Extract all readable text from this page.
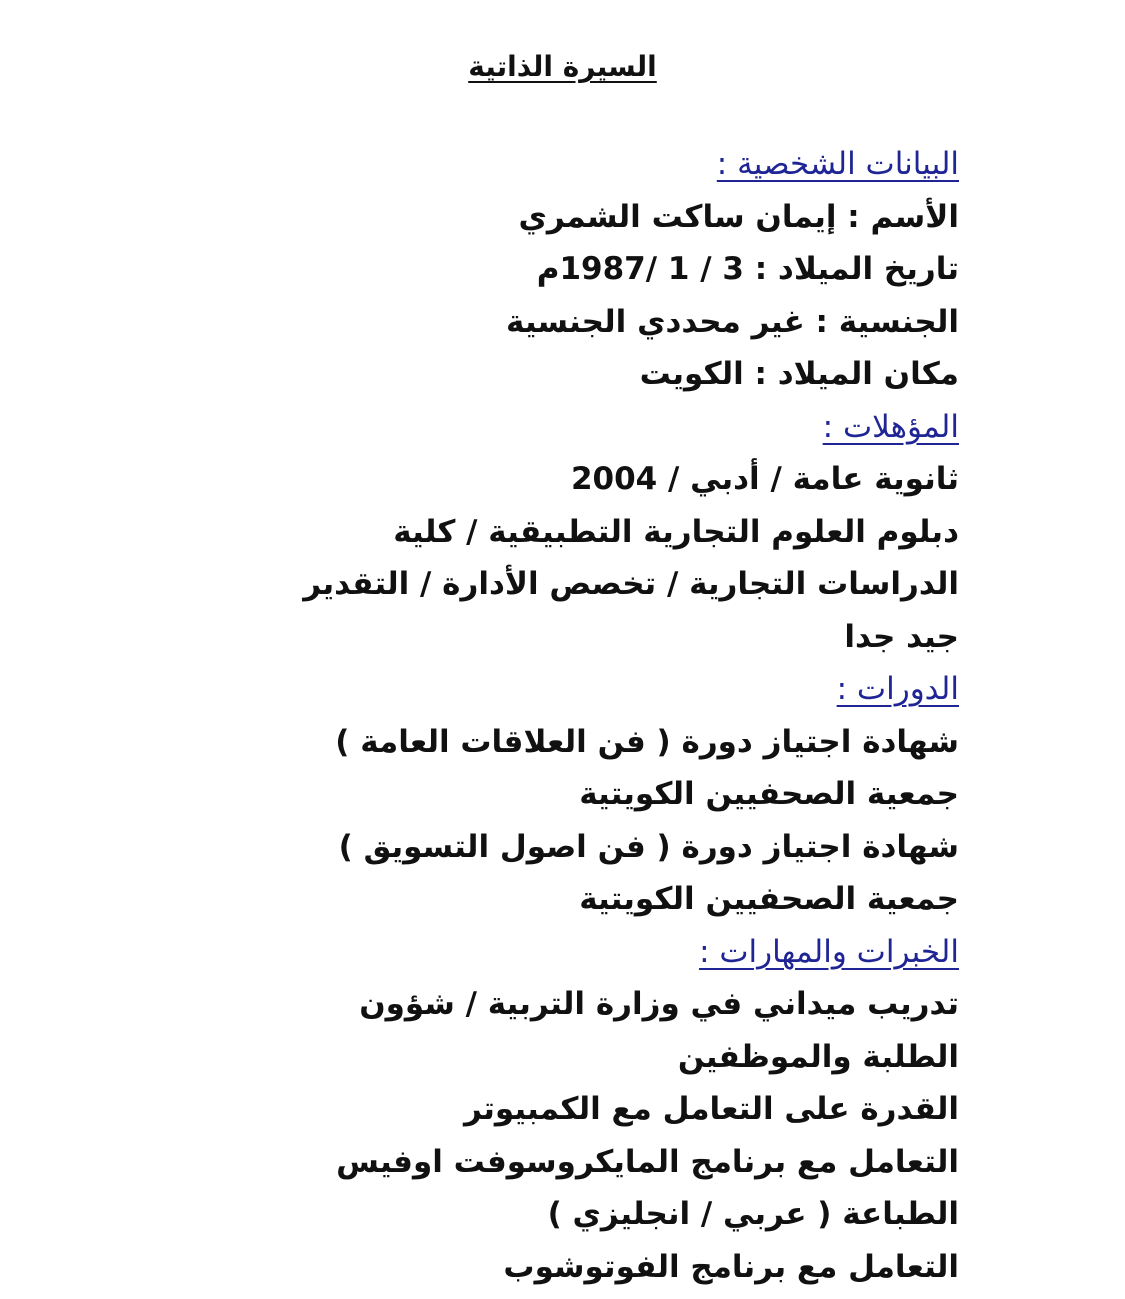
السيرة الذاتية
البيانات الشخصية :
الأسم : إيمان ساكت الشمري
تاريخ الميلاد : 3 / 1 /1987م
الجنسية : غير محددي الجنسية
مكان الميلاد : الكويت
المؤهلات :
ثانوية عامة / أدبي / 2004
دبلوم العلوم التجارية التطبيقية / كلية
الدراسات التجارية / تخصص الأدارة / التقدير
جيد جدا
الدورات :
شهادة اجتياز دورة ( فن العلاقات العامة )
جمعية الصحفيين الكويتية
شهادة اجتياز دورة ( فن اصول التسويق )
جمعية الصحفيين الكويتية
الخبرات والمهارات :
تدريب ميداني في وزارة التربية / شؤون
الطلبة والموظفين
القدرة على التعامل مع الكمبيوتر
التعامل مع برنامج المايكروسوفت اوفيس
الطباعة ( عربي / انجليزي )
التعامل مع برنامج الفوتوشوب
